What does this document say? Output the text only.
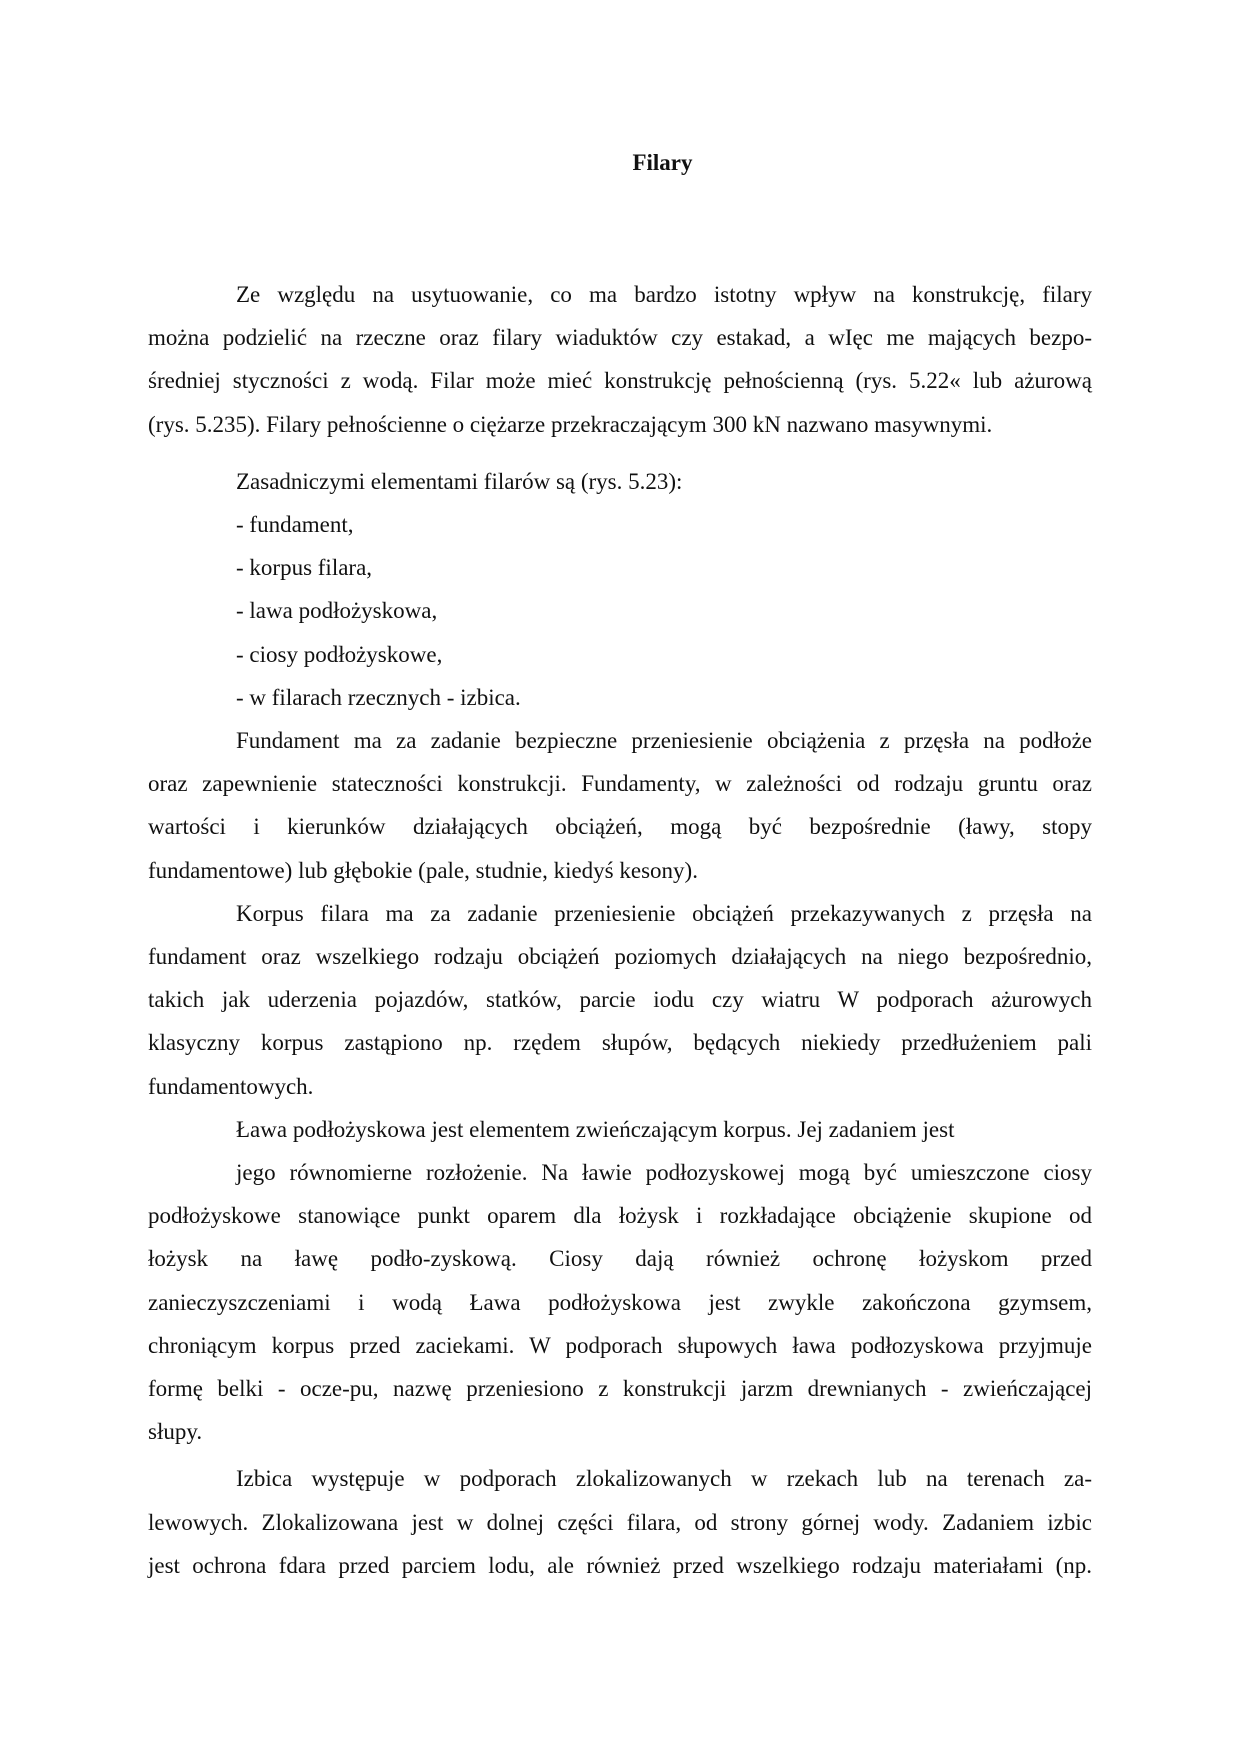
Filary

Ze względu na usytuowanie, co ma bardzo istotny wpływ na konstrukcję, filary

można podzielić na rzeczne oraz filary wiaduktów czy estakad, a wIęc me mających bezpo-

średniej styczności z wodą. Filar może mieć konstrukcję pełnościenną (rys. 5.22« lub ażurową

(rys. 5.235). Filary pełnościenne o ciężarze przekraczającym 300 kN nazwano masywnymi.

Zasadniczymi elementami filarów są (rys. 5.23):

- fundament,

- korpus filara,

- lawa podłożyskowa,

- ciosy podłożyskowe,

- w filarach rzecznych - izbica.

Fundament ma za zadanie bezpieczne przeniesienie obciążenia z przęsła na podłoże

oraz zapewnienie stateczności konstrukcji. Fundamenty, w zależności od rodzaju gruntu oraz

wartości i kierunków działających obciążeń, mogą być bezpośrednie (ławy, stopy

fundamentowe) lub głębokie (pale, studnie, kiedyś kesony).

Korpus filara ma za zadanie przeniesienie obciążeń przekazywanych z przęsła na

fundament oraz wszelkiego rodzaju obciążeń poziomych działających na niego bezpośrednio,

takich jak uderzenia pojazdów, statków, parcie iodu czy wiatru W podporach ażurowych

klasyczny korpus zastąpiono np. rzędem słupów, będących niekiedy przedłużeniem pali

fundamentowych.

Ława podłożyskowa jest elementem zwieńczającym korpus. Jej zadaniem jest

jego równomierne rozłożenie. Na ławie podłozyskowej mogą być umieszczone ciosy

podłożyskowe stanowiące punkt oparem dla łożysk i rozkładające obciążenie skupione od

łożysk na ławę podło-zyskową. Ciosy dają również ochronę łożyskom przed

zanieczyszczeniami i wodą Ława podłożyskowa jest zwykle zakończona gzymsem,

chroniącym korpus przed zaciekami. W podporach słupowych ława podłozyskowa przyjmuje

formę belki - ocze-pu, nazwę przeniesiono z konstrukcji jarzm drewnianych - zwieńczającej

słupy.

Izbica występuje w podporach zlokalizowanych w rzekach lub na terenach za-

lewowych. Zlokalizowana jest w dolnej części filara, od strony górnej wody. Zadaniem izbic

jest ochrona fdara przed parciem lodu, ale również przed wszelkiego rodzaju materiałami (np.
